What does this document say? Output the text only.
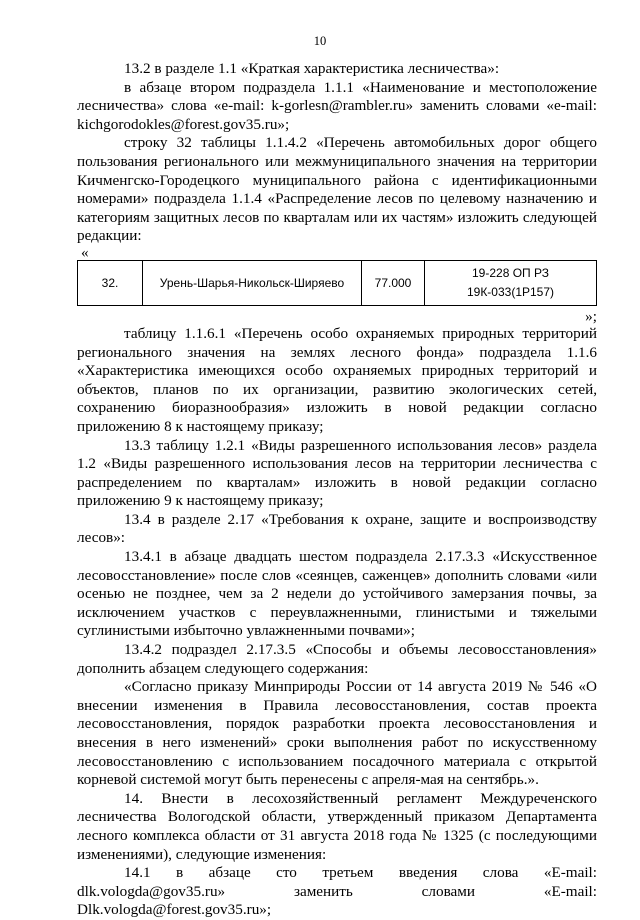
10

13.2 в разделе 1.1 «Краткая характеристика лесничества»:

в абзаце втором подраздела 1.1.1 «Наименование и местоположение лесничества» слова «e-mail: k-gorlesn@rambler.ru» заменить словами «e-mail: kichgorodokles@forest.gov35.ru»;

строку 32 таблицы 1.1.4.2 «Перечень автомобильных дорог общего пользования регионального или межмуниципального значения на территории Кичменгско-Городецкого муниципального района с идентификационными номерами» подраздела 1.1.4 «Распределение лесов по целевому назначению и категориям защитных лесов по кварталам или их частям» изложить следующей редакции:

«

32.	Урень-Шарья-Никольск-Ширяево	77.000	19-228 ОП РЗ 19К-033(1Р157)

»;

таблицу 1.1.6.1 «Перечень особо охраняемых природных территорий регионального значения на землях лесного фонда» подраздела 1.1.6 «Характеристика имеющихся особо охраняемых природных территорий и объектов, планов по их организации, развитию экологических сетей, сохранению биоразнообразия» изложить в новой редакции согласно приложению 8 к настоящему приказу;

13.3 таблицу 1.2.1 «Виды разрешенного использования лесов» раздела 1.2 «Виды разрешенного использования лесов на территории лесничества с распределением по кварталам» изложить в новой редакции согласно приложению 9 к настоящему приказу;

13.4 в разделе 2.17 «Требования к охране, защите и воспроизводству лесов»:

13.4.1 в абзаце двадцать шестом подраздела 2.17.3.3 «Искусственное лесовосстановление» после слов «сеянцев, саженцев» дополнить словами «или осенью не позднее, чем за 2 недели до устойчивого замерзания почвы, за исключением участков с переувлажненными, глинистыми и тяжелыми суглинистыми избыточно увлажненными почвами»;

13.4.2 подраздел 2.17.3.5 «Способы и объемы лесовосстановления» дополнить абзацем следующего содержания:

«Согласно приказу Минприроды России от 14 августа 2019 № 546 «О внесении изменения в Правила лесовосстановления, состав проекта лесовосстановления, порядок разработки проекта лесовосстановления и внесения в него изменений» сроки выполнения работ по искусственному лесовосстановлению с использованием посадочного материала с открытой корневой системой могут быть перенесены с апреля-мая на сентябрь.».

14. Внести в лесохозяйственный регламент Междуреченского лесничества Вологодской области, утвержденный приказом Департамента лесного комплекса области от 31 августа 2018 года № 1325 (с последующими изменениями), следующие изменения:

14.1 в абзаце сто третьем введения слова «E-mail: dlk.vologda@gov35.ru» заменить словами «E-mail: Dlk.vologda@forest.gov35.ru»;
